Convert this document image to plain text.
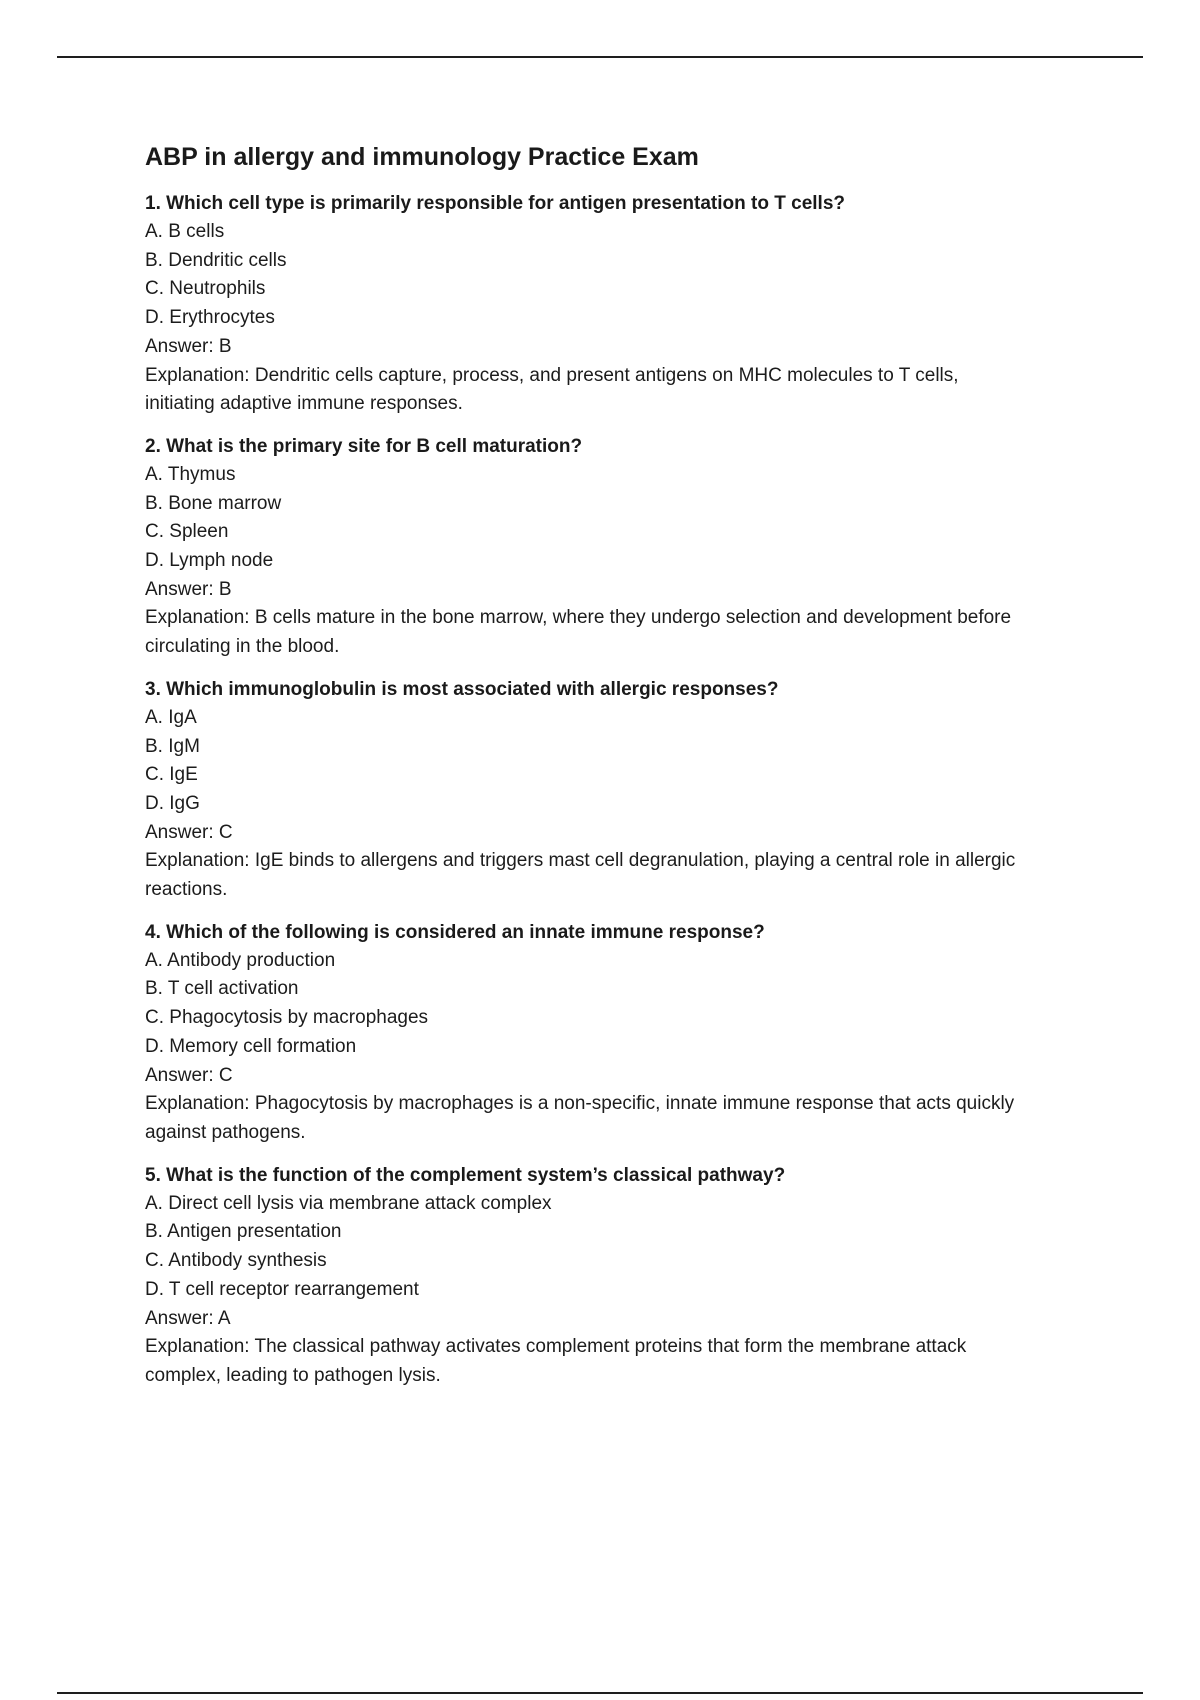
ABP in allergy and immunology Practice Exam

1. Which cell type is primarily responsible for antigen presentation to T cells?

A. B cells

B. Dendritic cells

C. Neutrophils

D. Erythrocytes

Answer: B

Explanation: Dendritic cells capture, process, and present antigens on MHC molecules to T cells,
initiating adaptive immune responses.

2. What is the primary site for B cell maturation?

A. Thymus

B. Bone marrow

C. Spleen

D. Lymph node

Answer: B

Explanation: B cells mature in the bone marrow, where they undergo selection and development before
circulating in the blood.

3. Which immunoglobulin is most associated with allergic responses?

A. IgA

B. IgM

C. IgE

D. IgG

Answer: C

Explanation: IgE binds to allergens and triggers mast cell degranulation, playing a central role in allergic
reactions.

4. Which of the following is considered an innate immune response?

A. Antibody production

B. T cell activation

C. Phagocytosis by macrophages

D. Memory cell formation

Answer: C

Explanation: Phagocytosis by macrophages is a non-specific, innate immune response that acts quickly
against pathogens.

5. What is the function of the complement system’s classical pathway?

A. Direct cell lysis via membrane attack complex

B. Antigen presentation

C. Antibody synthesis

D. T cell receptor rearrangement

Answer: A

Explanation: The classical pathway activates complement proteins that form the membrane attack
complex, leading to pathogen lysis.
